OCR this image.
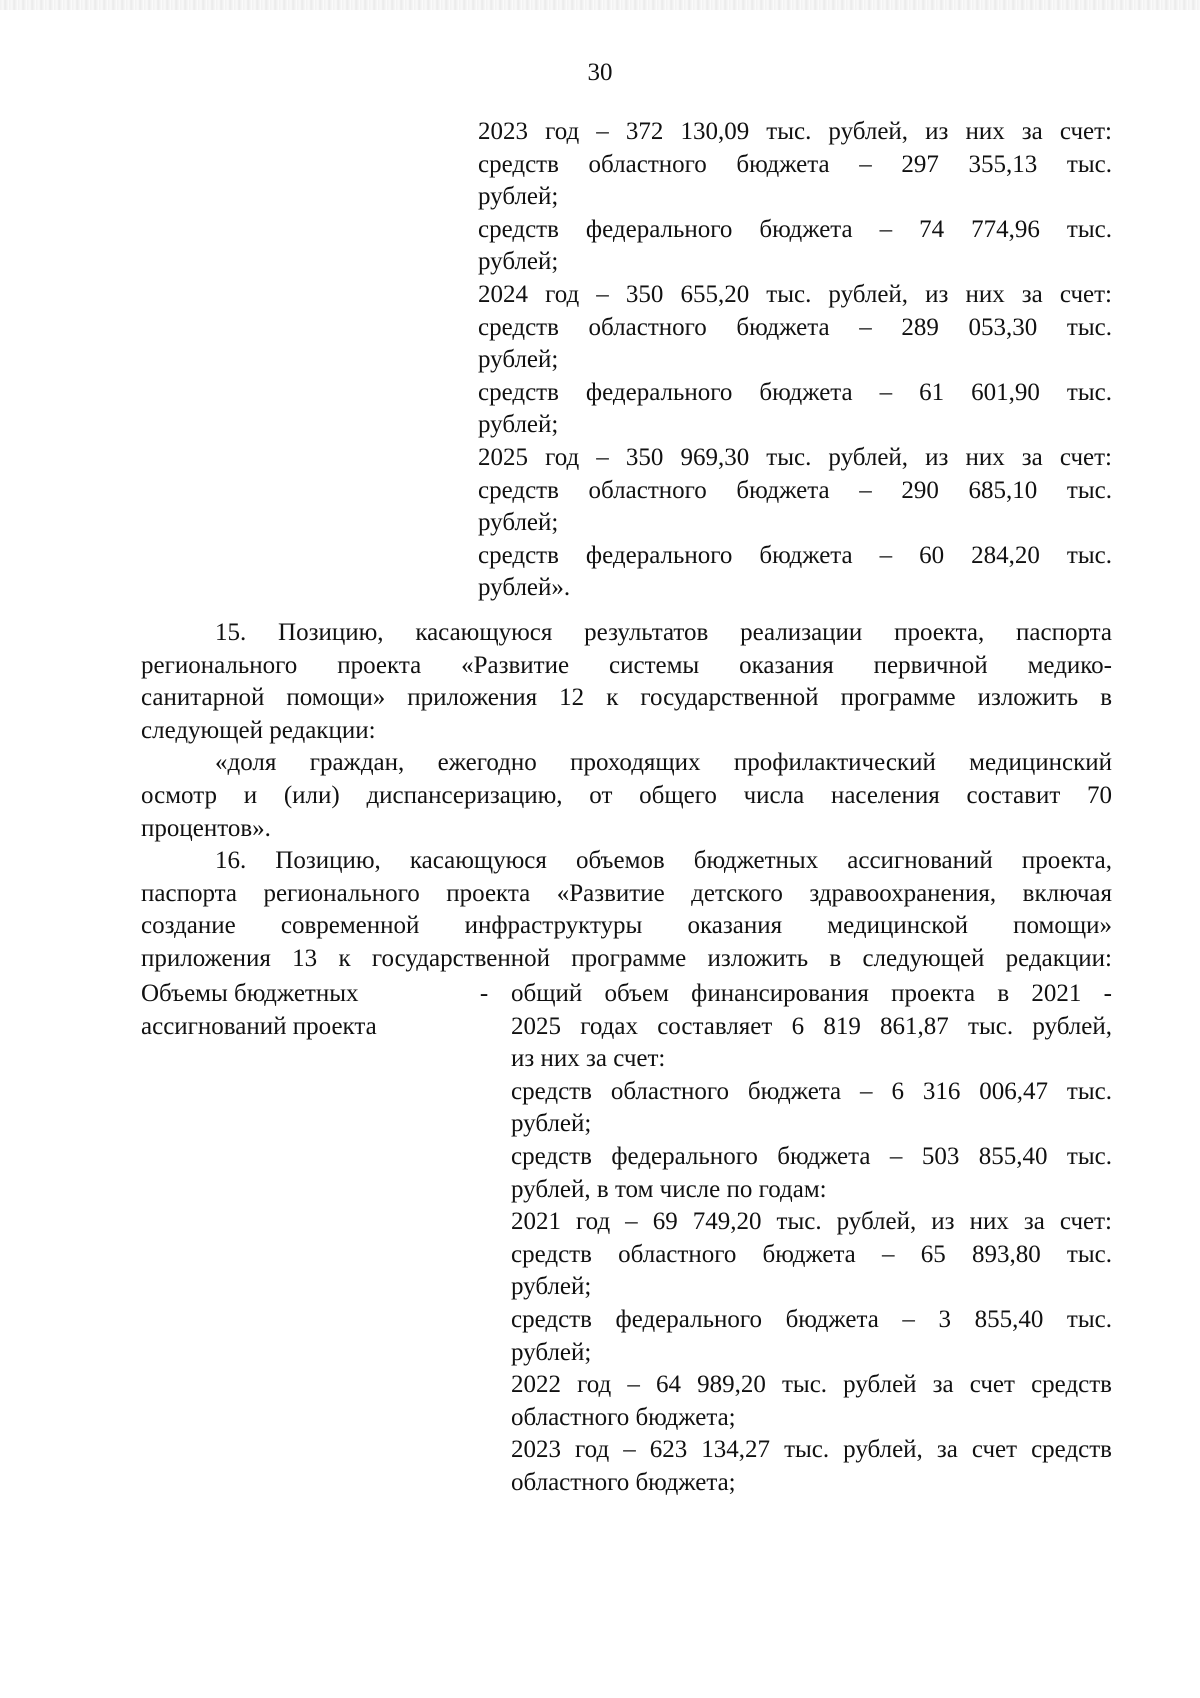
30
2023 год – 372 130,09 тыс. рублей, из них за счет:
средств областного бюджета – 297 355,13 тыс.
рублей;
средств федерального бюджета – 74 774,96 тыс.
рублей;
2024 год – 350 655,20 тыс. рублей, из них за счет:
средств областного бюджета – 289 053,30 тыс.
рублей;
средств федерального бюджета – 61 601,90 тыс.
рублей;
2025 год – 350 969,30 тыс. рублей, из них за счет:
средств областного бюджета – 290 685,10 тыс.
рублей;
средств федерального бюджета – 60 284,20 тыс.
рублей».
15. Позицию, касающуюся результатов реализации проекта, паспорта
регионального проекта «Развитие системы оказания первичной медико-
санитарной помощи» приложения 12 к государственной программе изложить в
следующей редакции:
«доля граждан, ежегодно проходящих профилактический медицинский
осмотр и (или) диспансеризацию, от общего числа населения составит 70
процентов».
16. Позицию, касающуюся объемов бюджетных ассигнований проекта,
паспорта регионального проекта «Развитие детского здравоохранения, включая
создание современной инфраструктуры оказания медицинской помощи»
приложения 13 к государственной программе изложить в следующей редакции:
Объемы бюджетных
ассигнований проекта
- общий объем финансирования проекта в 2021 -
2025 годах составляет 6 819 861,87 тыс. рублей,
из них за счет:
средств областного бюджета – 6 316 006,47 тыс.
рублей;
средств федерального бюджета – 503 855,40 тыс.
рублей, в том числе по годам:
2021 год – 69 749,20 тыс. рублей, из них за счет:
средств областного бюджета – 65 893,80 тыс.
рублей;
средств федерального бюджета – 3 855,40 тыс.
рублей;
2022 год – 64 989,20 тыс. рублей за счет средств
областного бюджета;
2023 год – 623 134,27 тыс. рублей, за счет средств
областного бюджета;
